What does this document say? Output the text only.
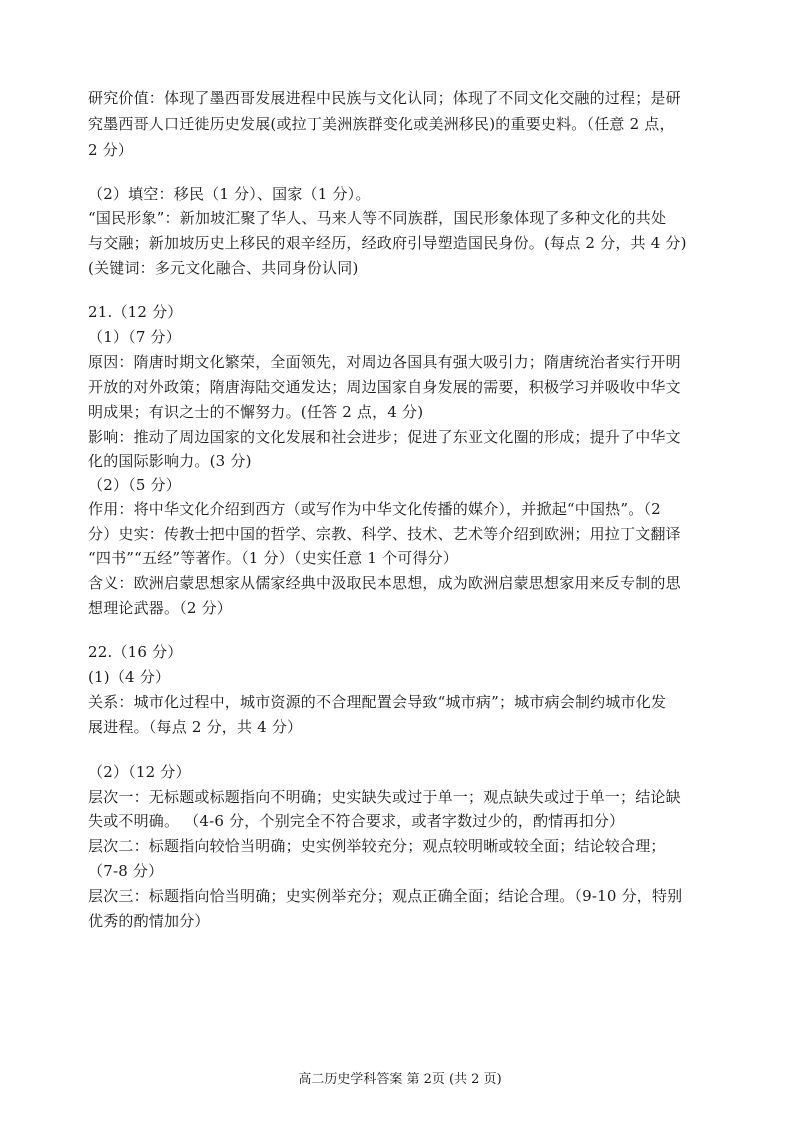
研究价值：体现了墨西哥发展进程中民族与文化认同；体现了不同文化交融的过程；是研
究墨西哥人口迁徙历史发展(或拉丁美洲族群变化或美洲移民)的重要史料。（任意 2 点，
2 分）
（2）填空：移民（1 分）、国家（1 分）。
“国民形象”：新加坡汇聚了华人、马来人等不同族群，国民形象体现了多种文化的共处
与交融；新加坡历史上移民的艰辛经历，经政府引导塑造国民身份。(每点 2 分，共 4 分)
(关键词：多元文化融合、共同身份认同)
21.（12 分）
（1）（7 分）
原因：隋唐时期文化繁荣，全面领先，对周边各国具有强大吸引力；隋唐统治者实行开明
开放的对外政策；隋唐海陆交通发达；周边国家自身发展的需要，积极学习并吸收中华文
明成果；有识之士的不懈努力。(任答 2 点，4 分)
影响：推动了周边国家的文化发展和社会进步；促进了东亚文化圈的形成；提升了中华文
化的国际影响力。(3 分)
（2）（5 分）
作用：将中华文化介绍到西方（或写作为中华文化传播的媒介），并掀起“中国热”。（2
分）史实：传教士把中国的哲学、宗教、科学、技术、艺术等介绍到欧洲；用拉丁文翻译
“四书”“五经”等著作。（1 分）（史实任意 1 个可得分）
含义：欧洲启蒙思想家从儒家经典中汲取民本思想，成为欧洲启蒙思想家用来反专制的思
想理论武器。（2 分）
22.（16 分）
(1)（4 分）
关系：城市化过程中，城市资源的不合理配置会导致“城市病”；城市病会制约城市化发
展进程。（每点 2 分，共 4 分）
（2）（12 分）
层次一：无标题或标题指向不明确；史实缺失或过于单一；观点缺失或过于单一；结论缺
失或不明确。 （4-6 分，个别完全不符合要求，或者字数过少的，酌情再扣分）
层次二：标题指向较恰当明确；史实例举较充分；观点较明晰或较全面；结论较合理；
（7-8 分）
层次三：标题指向恰当明确；史实例举充分；观点正确全面；结论合理。（9-10 分，特别
优秀的酌情加分）
高二历史学科答案 第 2页 (共 2 页)
